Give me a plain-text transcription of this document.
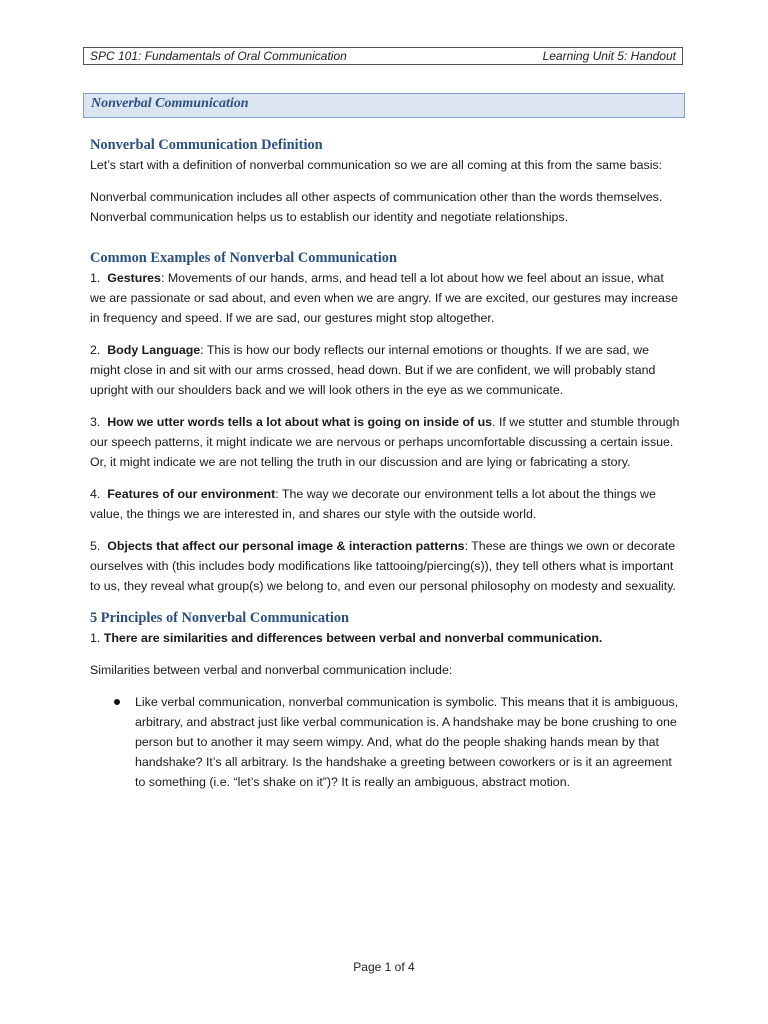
SPC 101: Fundamentals of Oral Communication	Learning Unit 5: Handout
Nonverbal Communication
Nonverbal Communication Definition

Let’s start with a definition of nonverbal communication so we are all coming at this from the same basis:

Nonverbal communication includes all other aspects of communication other than the words themselves. Nonverbal communication helps us to establish our identity and negotiate relationships.

Common Examples of Nonverbal Communication

1. Gestures: Movements of our hands, arms, and head tell a lot about how we feel about an issue, what we are passionate or sad about, and even when we are angry. If we are excited, our gestures may increase in frequency and speed. If we are sad, our gestures might stop altogether.

2. Body Language: This is how our body reflects our internal emotions or thoughts. If we are sad, we might close in and sit with our arms crossed, head down. But if we are confident, we will probably stand upright with our shoulders back and we will look others in the eye as we communicate.

3. How we utter words tells a lot about what is going on inside of us. If we stutter and stumble through our speech patterns, it might indicate we are nervous or perhaps uncomfortable discussing a certain issue. Or, it might indicate we are not telling the truth in our discussion and are lying or fabricating a story.

4. Features of our environment: The way we decorate our environment tells a lot about the things we value, the things we are interested in, and shares our style with the outside world.

5. Objects that affect our personal image & interaction patterns: These are things we own or decorate ourselves with (this includes body modifications like tattooing/piercing(s)), they tell others what is important to us, they reveal what group(s) we belong to, and even our personal philosophy on modesty and sexuality.

5 Principles of Nonverbal Communication

1. There are similarities and differences between verbal and nonverbal communication.

Similarities between verbal and nonverbal communication include:

Like verbal communication, nonverbal communication is symbolic. This means that it is ambiguous, arbitrary, and abstract just like verbal communication is. A handshake may be bone crushing to one person but to another it may seem wimpy. And, what do the people shaking hands mean by that handshake? It’s all arbitrary. Is the handshake a greeting between coworkers or is it an agreement to something (i.e. “let’s shake on it”)? It is really an ambiguous, abstract motion.
Page 1 of 4
